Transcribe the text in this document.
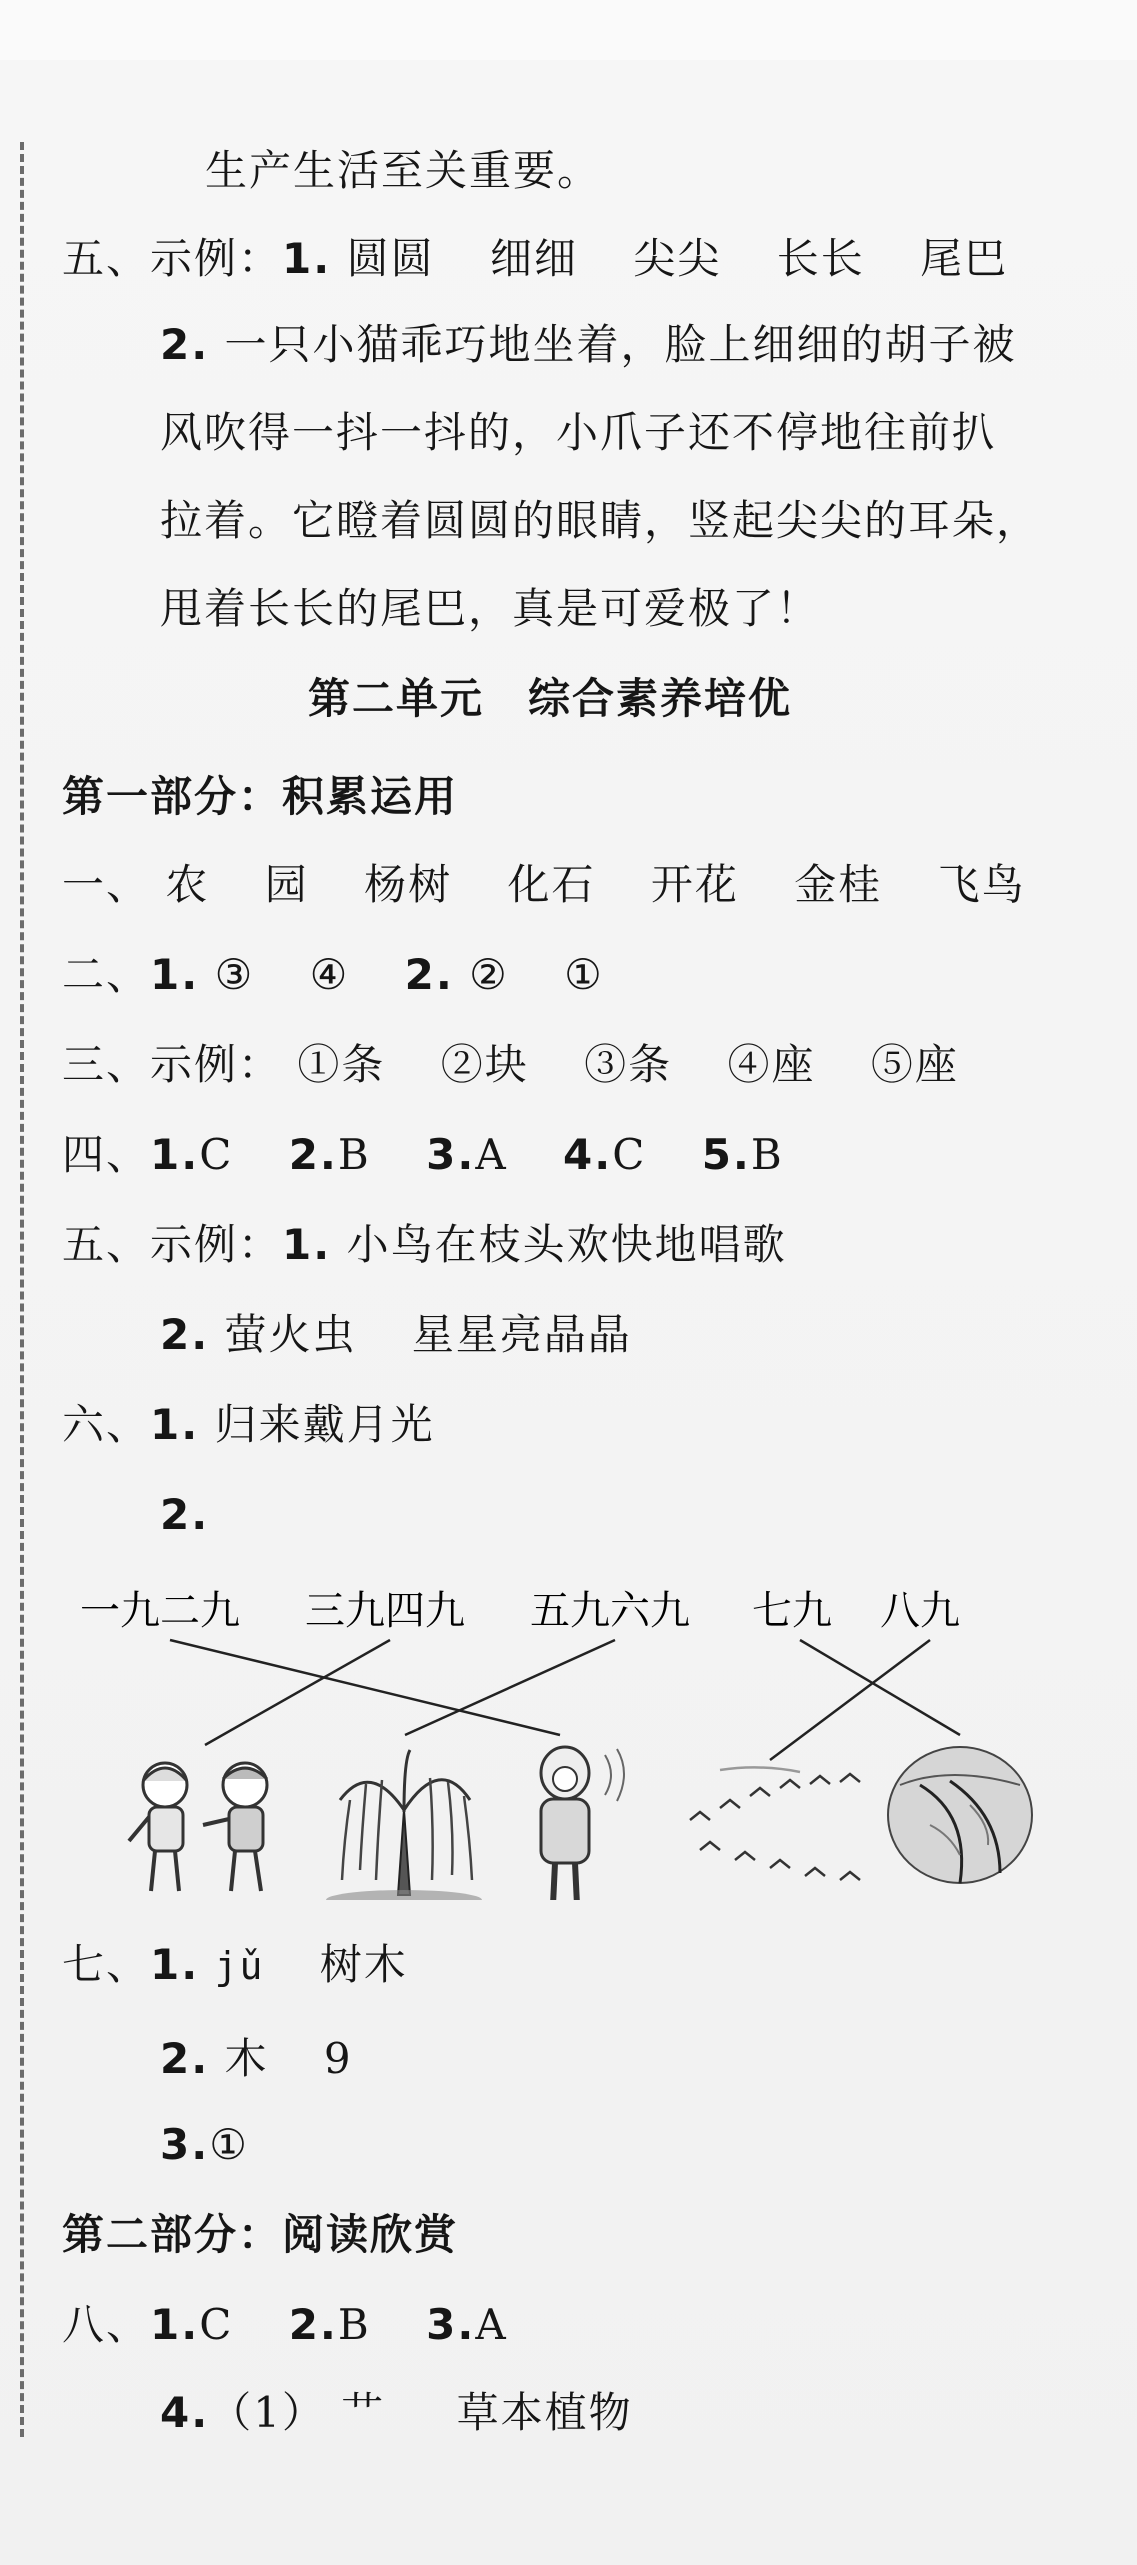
生产生活至关重要。
五、示例：1. 圆圆 细细 尖尖 长长 尾巴
2. 一只小猫乖巧地坐着，脸上细细的胡子被
风吹得一抖一抖的，小爪子还不停地往前扒
拉着。它瞪着圆圆的眼睛，竖起尖尖的耳朵，
甩着长长的尾巴，真是可爱极了！
第二单元　综合素养培优
第一部分：积累运用
一、 农 园 杨树 化石 开花 金桂 飞鸟
二、1. ③ ④ 2. ② ①
三、示例： ①条 ②块 ③条 ④座 ⑤座
四、1.C 2.B 3.A 4.C 5.B
五、示例：1. 小鸟在枝头欢快地唱歌
2. 萤火虫 星星亮晶晶
六、1. 归来戴月光
2.
一九二九 三九四九 五九六九 七九 八九
七、1. jǔ 树木
2. 木 9
3.①
第二部分：阅读欣赏
八、1.C 2.B 3.A
4.（1） 艹 草本植物
